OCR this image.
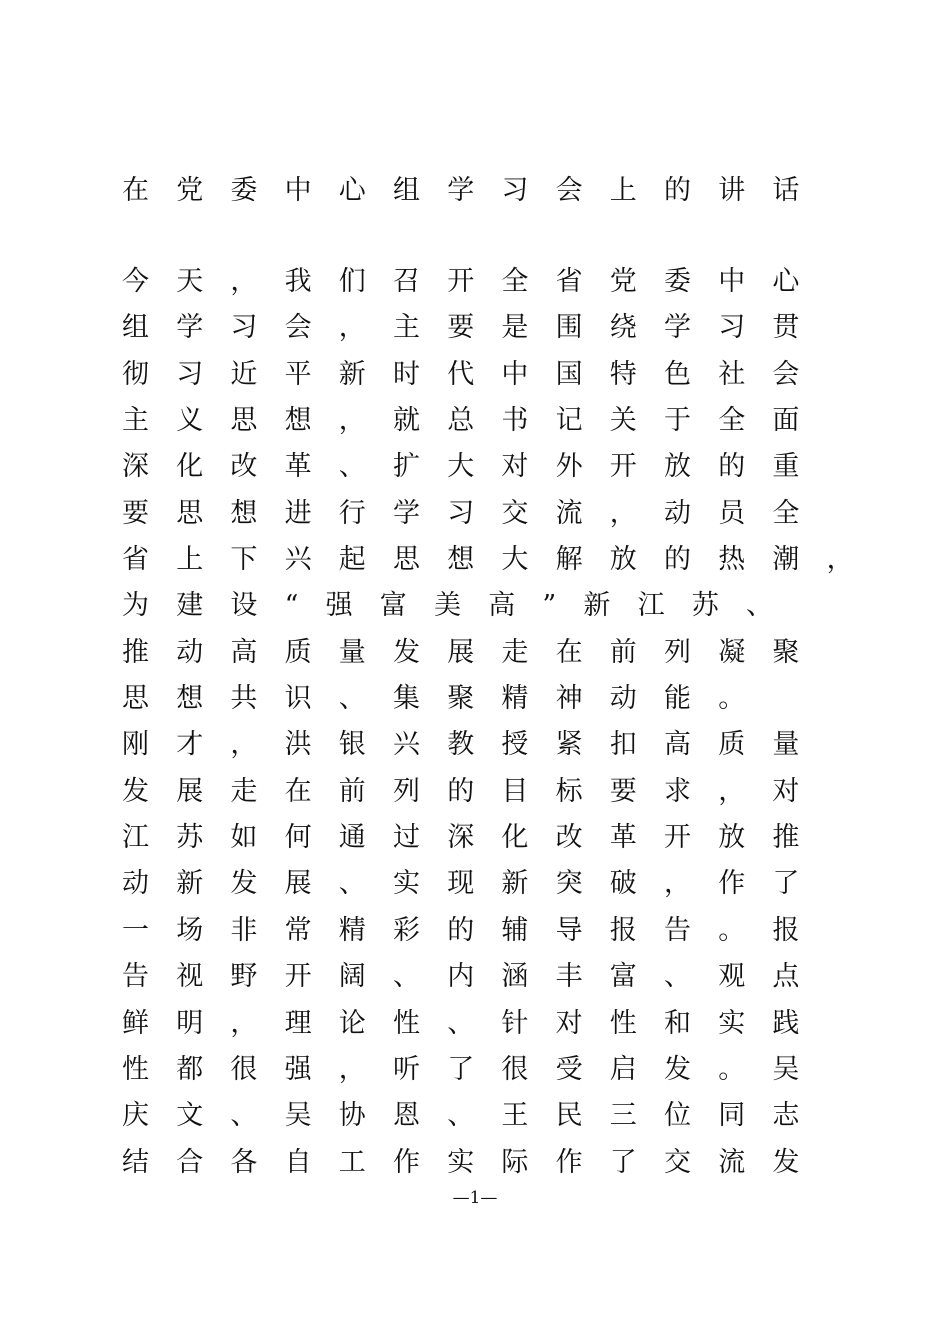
在党委中心组学习会上的讲话
今天，我们召开全省党委中心
组学习会，主要是围绕学习贯
彻习近平新时代中国特色社会
主义思想，就总书记关于全面
深化改革、扩大对外开放的重
要思想进行学习交流，动员全
省上下兴起思想大解放的热潮，
为建设“强富美高”新江苏、
推动高质量发展走在前列凝聚
思想共识、集聚精神动能。
刚才，洪银兴教授紧扣高质量
发展走在前列的目标要求，对
江苏如何通过深化改革开放推
动新发展、实现新突破，作了
一场非常精彩的辅导报告。报
告视野开阔、内涵丰富、观点
鲜明，理论性、针对性和实践
性都很强，听了很受启发。吴
庆文、吴协恩、王民三位同志
结合各自工作实际作了交流发
—1—
